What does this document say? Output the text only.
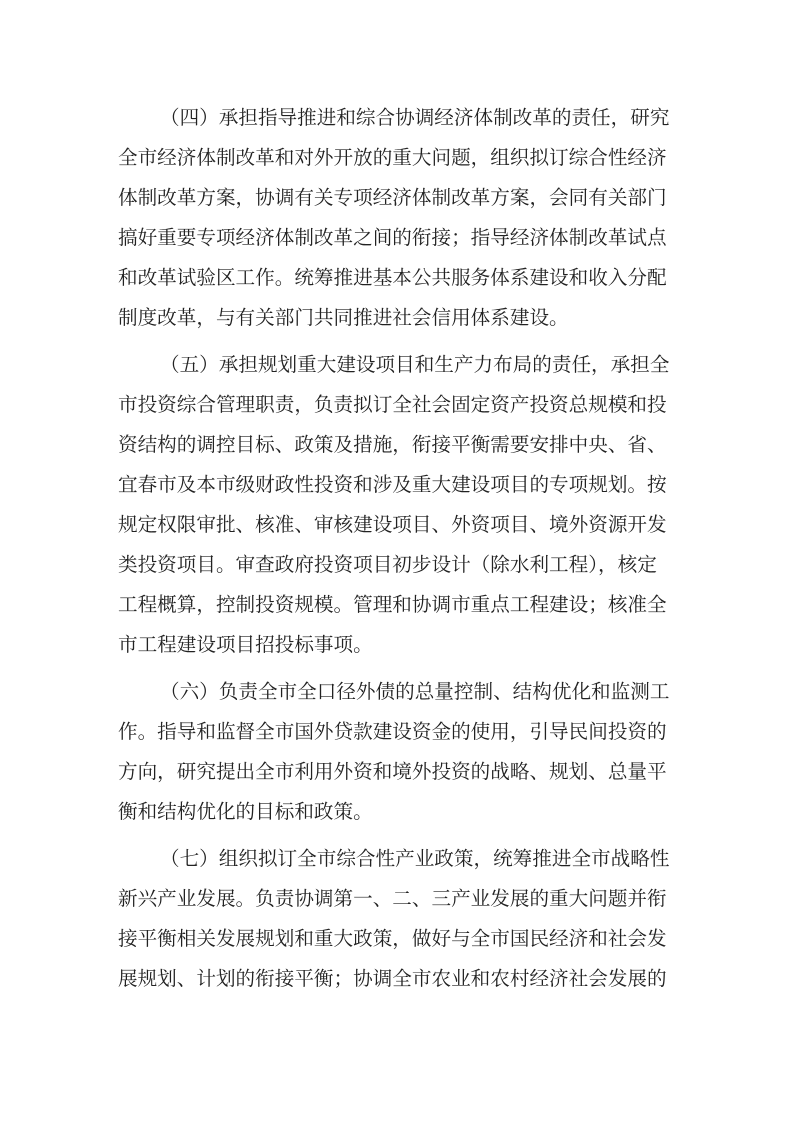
（四）承担指导推进和综合协调经济体制改革的责任，研究
全市经济体制改革和对外开放的重大问题，组织拟订综合性经济
体制改革方案，协调有关专项经济体制改革方案，会同有关部门
搞好重要专项经济体制改革之间的衔接；指导经济体制改革试点
和改革试验区工作。统筹推进基本公共服务体系建设和收入分配
制度改革，与有关部门共同推进社会信用体系建设。
（五）承担规划重大建设项目和生产力布局的责任，承担全
市投资综合管理职责，负责拟订全社会固定资产投资总规模和投
资结构的调控目标、政策及措施，衔接平衡需要安排中央、省、
宜春市及本市级财政性投资和涉及重大建设项目的专项规划。按
规定权限审批、核准、审核建设项目、外资项目、境外资源开发
类投资项目。审查政府投资项目初步设计（除水利工程），核定
工程概算，控制投资规模。管理和协调市重点工程建设；核准全
市工程建设项目招投标事项。
（六）负责全市全口径外债的总量控制、结构优化和监测工
作。指导和监督全市国外贷款建设资金的使用，引导民间投资的
方向，研究提出全市利用外资和境外投资的战略、规划、总量平
衡和结构优化的目标和政策。
（七）组织拟订全市综合性产业政策，统筹推进全市战略性
新兴产业发展。负责协调第一、二、三产业发展的重大问题并衔
接平衡相关发展规划和重大政策，做好与全市国民经济和社会发
展规划、计划的衔接平衡；协调全市农业和农村经济社会发展的
